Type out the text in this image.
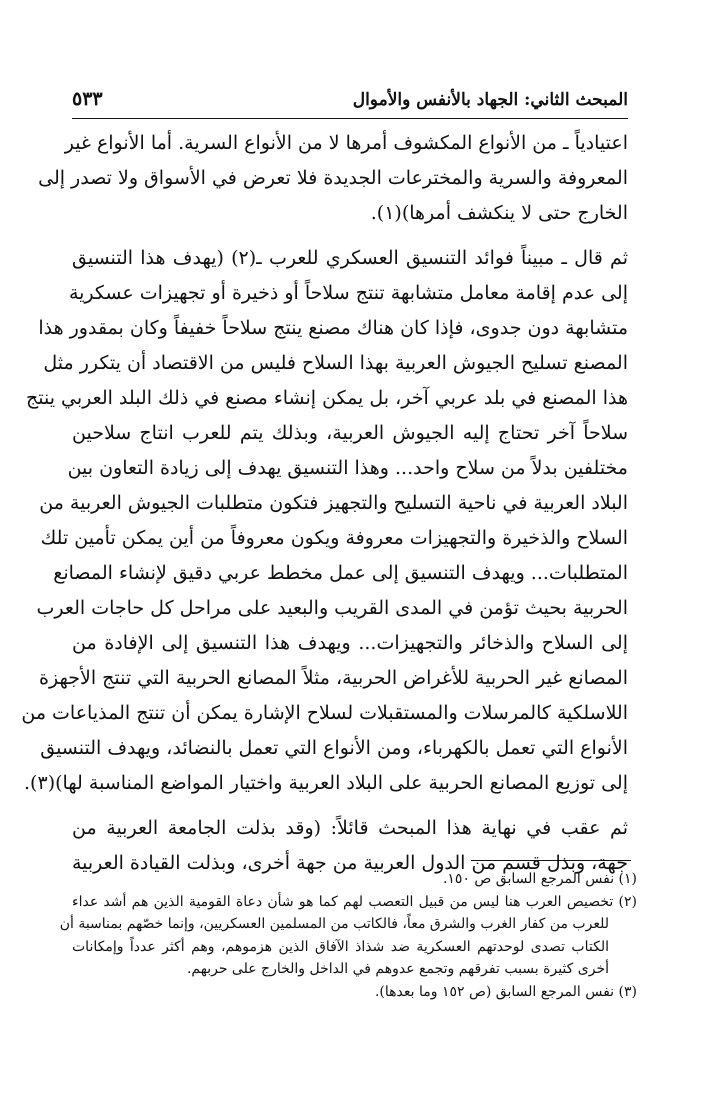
المبحث الثاني: الجهاد بالأنفس والأموال
٥٣٣
اعتيادياً ـ من الأنواع المكشوف أمرها لا من الأنواع السرية. أما الأنواع غير
المعروفة والسرية والمخترعات الجديدة فلا تعرض في الأسواق ولا تصدر إلى
الخارج حتى لا ينكشف أمرها)(١).
ثم قال ـ مبيناً فوائد التنسيق العسكري للعرب ـ(٢) (يهدف هذا التنسيق
إلى عدم إقامة معامل متشابهة تنتج سلاحاً أو ذخيرة أو تجهيزات عسكرية
متشابهة دون جدوى، فإذا كان هناك مصنع ينتج سلاحاً خفيفاً وكان بمقدور هذا
المصنع تسليح الجيوش العربية بهذا السلاح فليس من الاقتصاد أن يتكرر مثل
هذا المصنع في بلد عربي آخر، بل يمكن إنشاء مصنع في ذلك البلد العربي ينتج
سلاحاً آخر تحتاج إليه الجيوش العربية، وبذلك يتم للعرب انتاج سلاحين
مختلفين بدلاً من سلاح واحد... وهذا التنسيق يهدف إلى زيادة التعاون بين
البلاد العربية في ناحية التسليح والتجهيز فتكون متطلبات الجيوش العربية من
السلاح والذخيرة والتجهيزات معروفة ويكون معروفاً من أين يمكن تأمين تلك
المتطلبات... ويهدف التنسيق إلى عمل مخطط عربي دقيق لإنشاء المصانع
الحربية بحيث تؤمن في المدى القريب والبعيد على مراحل كل حاجات العرب
إلى السلاح والذخائر والتجهيزات... ويهدف هذا التنسيق إلى الإفادة من
المصانع غير الحربية للأغراض الحربية، مثلاً المصانع الحربية التي تنتج الأجهزة
اللاسلكية كالمرسلات والمستقبلات لسلاح الإشارة يمكن أن تنتج المذياعات من
الأنواع التي تعمل بالكهرباء، ومن الأنواع التي تعمل بالنضائد، ويهدف التنسيق
إلى توزيع المصانع الحربية على البلاد العربية واختيار المواضع المناسبة لها)(٣).
ثم عقب في نهاية هذا المبحث قائلاً: (وقد بذلت الجامعة العربية من
جهة، وبذل قسم من الدول العربية من جهة أخرى، وبذلت القيادة العربية
(١) نفس المرجع السابق ص ١٥٠.
(٢) تخصيص العرب هنا ليس من قبيل التعصب لهم كما هو شأن دعاة القومية الذين هم أشد عداء
للعرب من كفار الغرب والشرق معاً، فالكاتب من المسلمين العسكريين، وإنما خصّهم بمناسبة أن
الكتاب تصدى لوحدتهم العسكرية ضد شذاذ الآفاق الذين هزموهم، وهم أكثر عدداً وإمكانات
أخرى كثيرة بسبب تفرقهم وتجمع عدوهم في الداخل والخارج على حربهم.
(٣) نفس المرجع السابق (ص ١٥٢ وما بعدها).
